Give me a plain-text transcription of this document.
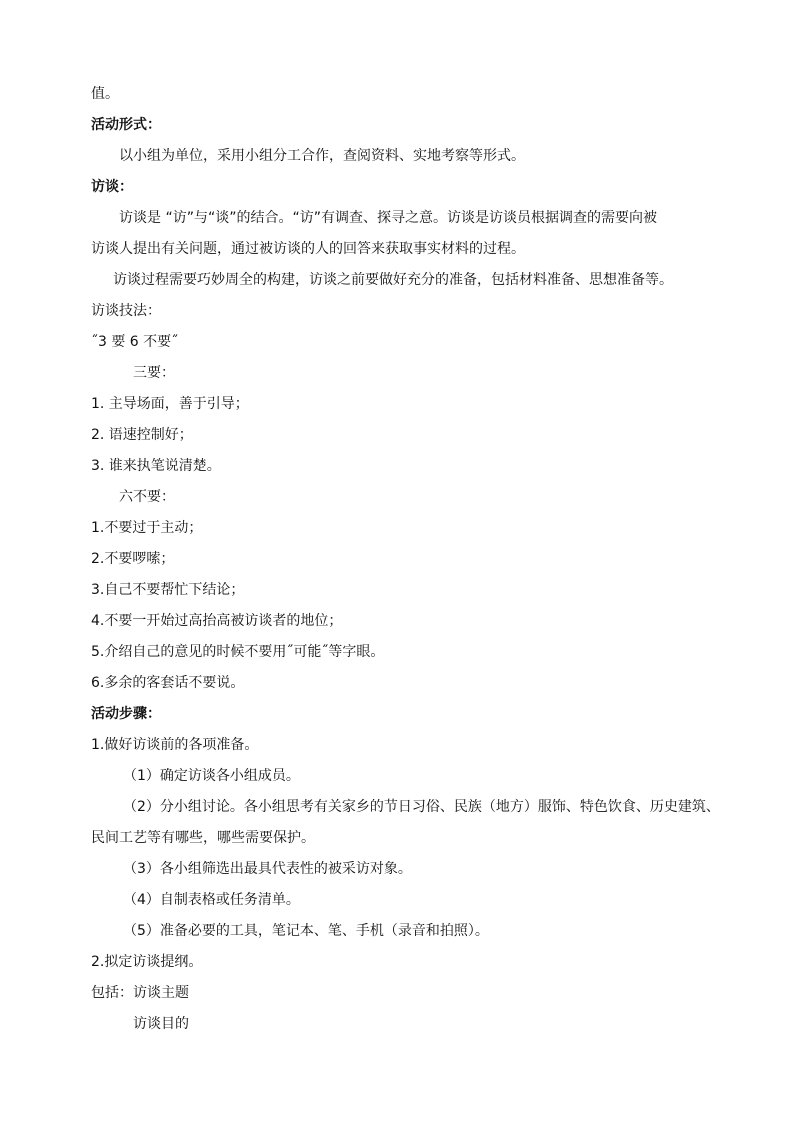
值。
活动形式：
以小组为单位，采用小组分工合作，查阅资料、实地考察等形式。
访谈：
访谈是 “访”与“谈”的结合。“访”有调查、探寻之意。访谈是访谈员根据调查的需要向被
访谈人提出有关问题，通过被访谈的人的回答来获取事实材料的过程。
访谈过程需要巧妙周全的构建，访谈之前要做好充分的准备，包括材料准备、思想准备等。
访谈技法：
˝3 要 6 不要˝
三要：
1. 主导场面，善于引导；
2. 语速控制好；
3. 谁来执笔说清楚。
六不要：
1.不要过于主动；
2.不要啰嗦；
3.自己不要帮忙下结论；
4.不要一开始过高抬高被访谈者的地位；
5.介绍自己的意见的时候不要用˝可能˝等字眼。
6.多余的客套话不要说。
活动步骤：
1.做好访谈前的各项准备。
（1）确定访谈各小组成员。
（2）分小组讨论。各小组思考有关家乡的节日习俗、民族（地方）服饰、特色饮食、历史建筑、
民间工艺等有哪些，哪些需要保护。
（3）各小组筛选出最具代表性的被采访对象。
（4）自制表格或任务清单。
（5）准备必要的工具，笔记本、笔、手机（录音和拍照）。
2.拟定访谈提纲。
包括：访谈主题
访谈目的
